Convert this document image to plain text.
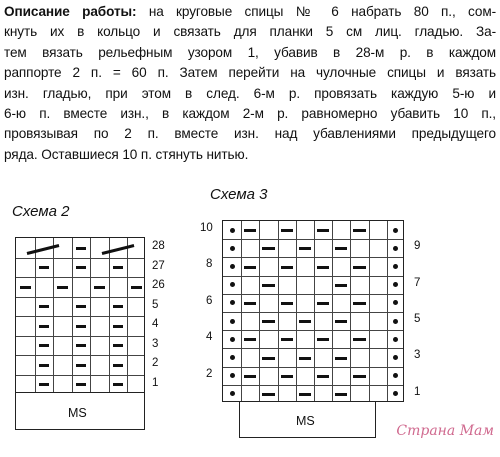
Описание работы: на круговые спицы № 6 набрать 80 п., сом-
кнуть их в кольцо и связать для планки 5 см лиц. гладью. За-
тем вязать рельефным узором 1, убавив в 28-м р. в каждом
раппорте 2 п. = 60 п. Затем перейти на чулочные спицы и вязать
изн. гладью, при этом в след. 6-м р. провязать каждую 5-ю и
6-ю п. вместе изн., в каждом 2-м р. равномерно убавить 10 п.,
провязывая по 2 п. вместе изн. над убавлениями предыдущего
ряда. Оставшиеся 10 п. стянуть нитью.
Схема 2
28
27
26
5
4
3
2
1
MS
Схема 3
10
8
6
4
2
9
7
5
3
1
MS
Страна Мам
